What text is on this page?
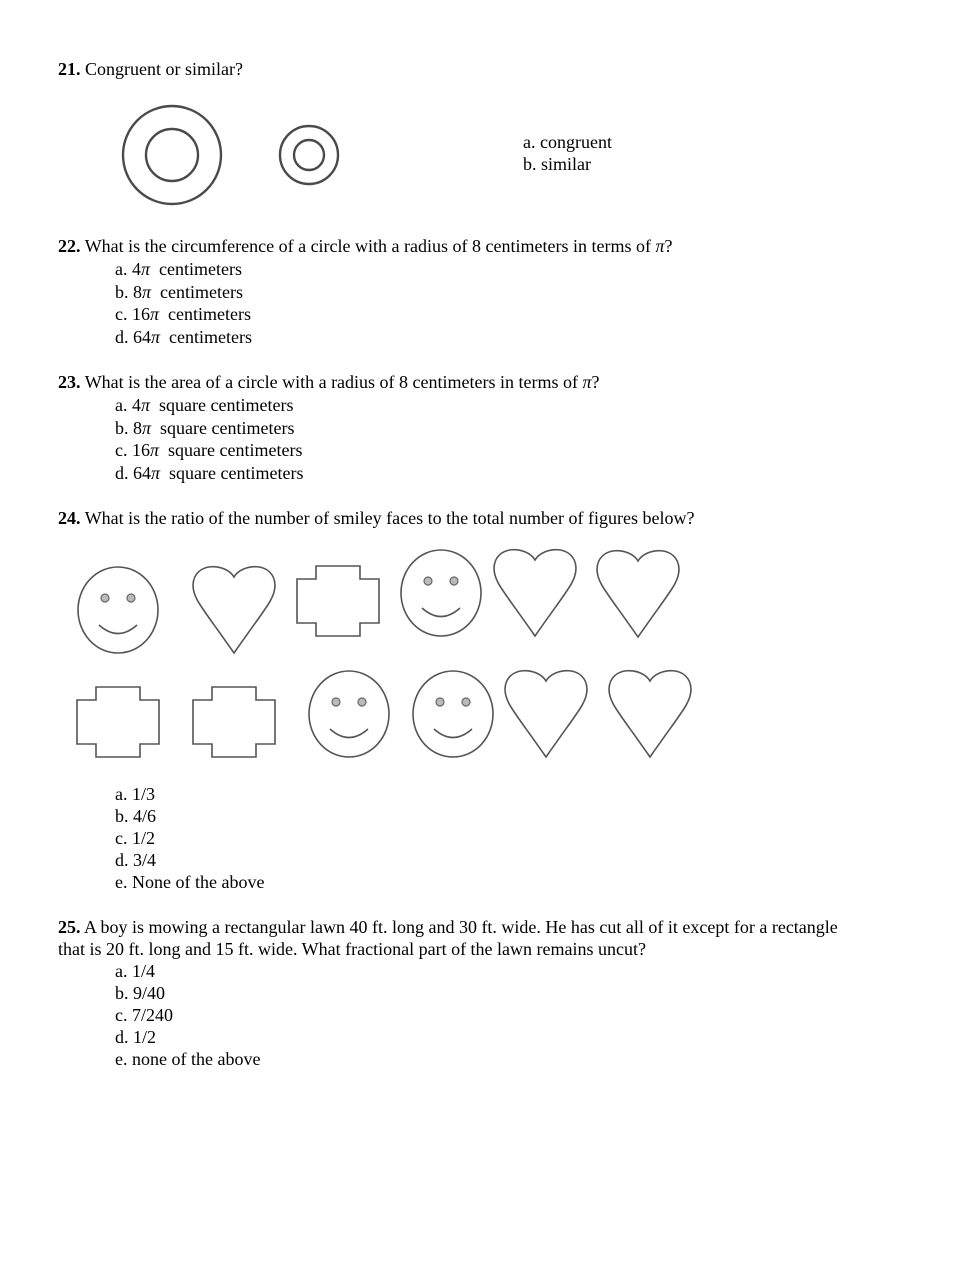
21. Congruent or similar?
a. congruent
b. similar
22. What is the circumference of a circle with a radius of 8 centimeters in terms of π?
a. 4π centimeters
b. 8π centimeters
c. 16π centimeters
d. 64π centimeters
23. What is the area of a circle with a radius of 8 centimeters in terms of π?
a. 4π square centimeters
b. 8π square centimeters
c. 16π square centimeters
d. 64π square centimeters
24. What is the ratio of the number of smiley faces to the total number of figures below?
a. 1/3
b. 4/6
c. 1/2
d. 3/4
e. None of the above
25. A boy is mowing a rectangular lawn 40 ft. long and 30 ft. wide. He has cut all of it except for a rectangle
that is 20 ft. long and 15 ft. wide. What fractional part of the lawn remains uncut?
a. 1/4
b. 9/40
c. 7/240
d. 1/2
e. none of the above
